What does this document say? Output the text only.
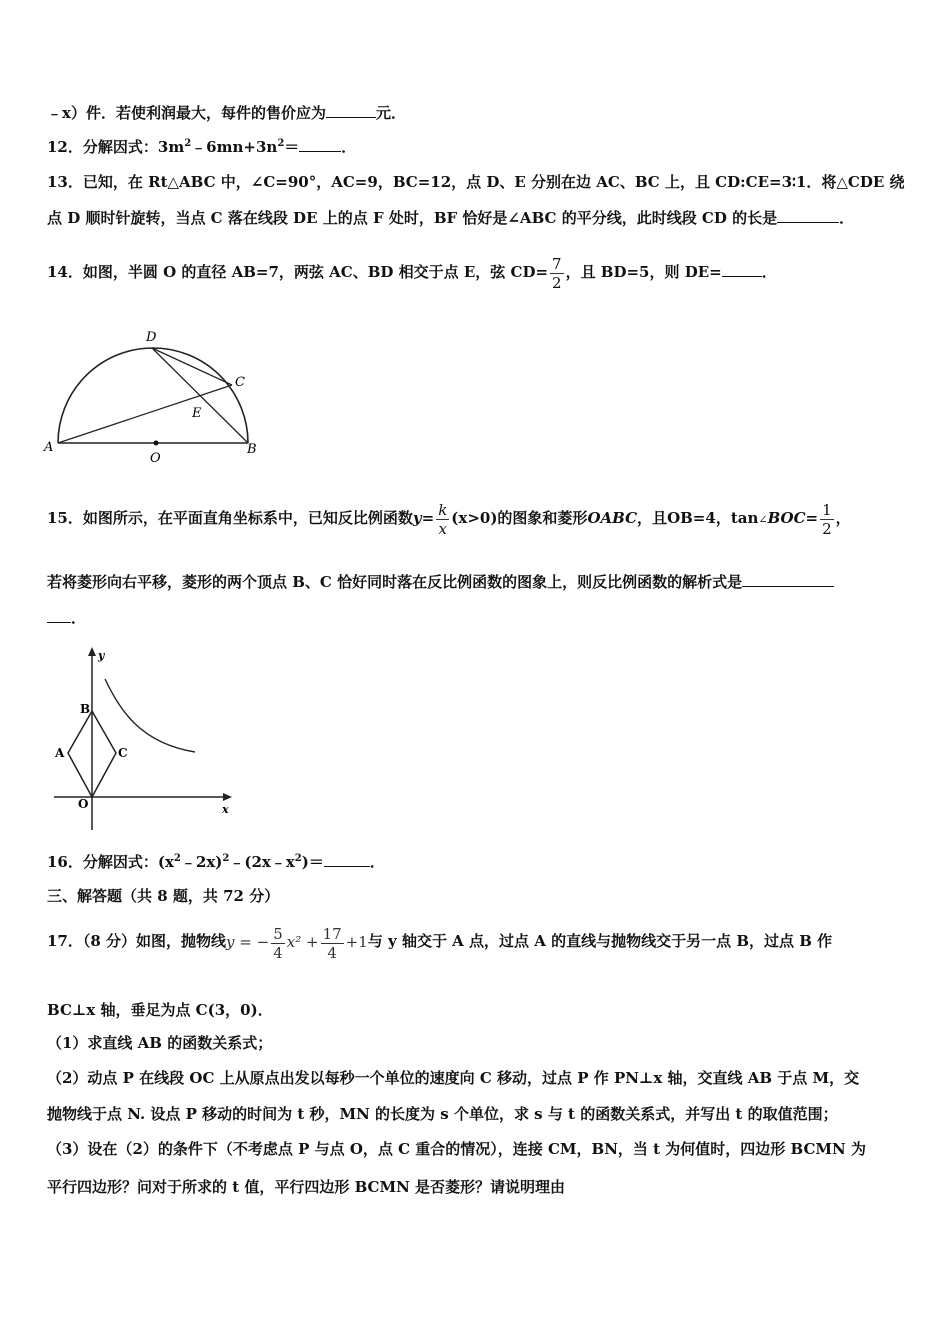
﹣x）件．若使利润最大，每件的售价应为	元．
12．分解因式：$3m^2﹣6mn+3n^2=$	．
13．已知，在 Rt△ABC 中，∠C=90°，AC=9，BC=12，点 D、E 分别在边 AC、BC 上，且 CD:CE=3∶1．将△CDE 绕
点 D 顺时针旋转，当点 C 落在线段 DE 上的点 F 处时，BF 恰好是∠ABC 的平分线，此时线段 CD 的长是	．
14．如图，半圆 O 的直径 AB=7，两弦 AC、BD 相交于点 E，弦 $CD= \frac{7}{2}$ ，且 BD=5，则 DE=	．
A	B
C
D
E
O
15．如图所示，在平面直角坐标系中，已知反比例函数$y= \frac{k}{x} (x>0)$的图象和菱形OABC，且OB=4，tan∠BOC= $\frac{1}{2}$ ，
若将菱形向右平移，菱形的两个顶点 B、C 恰好同时落在反比例函数的图象上，则反比例函数的解析式是
．
y
x
B
A	C
O
16．分解因式：$(x^2﹣2x)^2﹣(2x﹣x^2)=$	．
三、解答题（共 8 题，共 72 分）
17．（8 分）如图，抛物线y = − $\frac{5}{4} x^2 + \frac{17}{4} +1$与 y 轴交于 A 点，过点 A 的直线与抛物线交于另一点 B，过点 B 作
BC⊥x 轴，垂足为点 C(3，0)．
（1）求直线 AB 的函数关系式；
（2）动点 P 在线段 OC 上从原点出发以每秒一个单位的速度向 C 移动，过点 P 作 PN⊥x 轴，交直线 AB 于点 M，交
抛物线于点 N. 设点 P 移动的时间为 t 秒，MN 的长度为 s 个单位，求 s 与 t 的函数关系式，并写出 t 的取值范围；
（3）设在（2）的条件下（不考虑点 P 与点 O，点 C 重合的情况），连接 CM，BN，当 t 为何值时，四边形 BCMN 为
平行四边形？问对于所求的 t 值，平行四边形 BCMN 是否菱形？请说明理由
